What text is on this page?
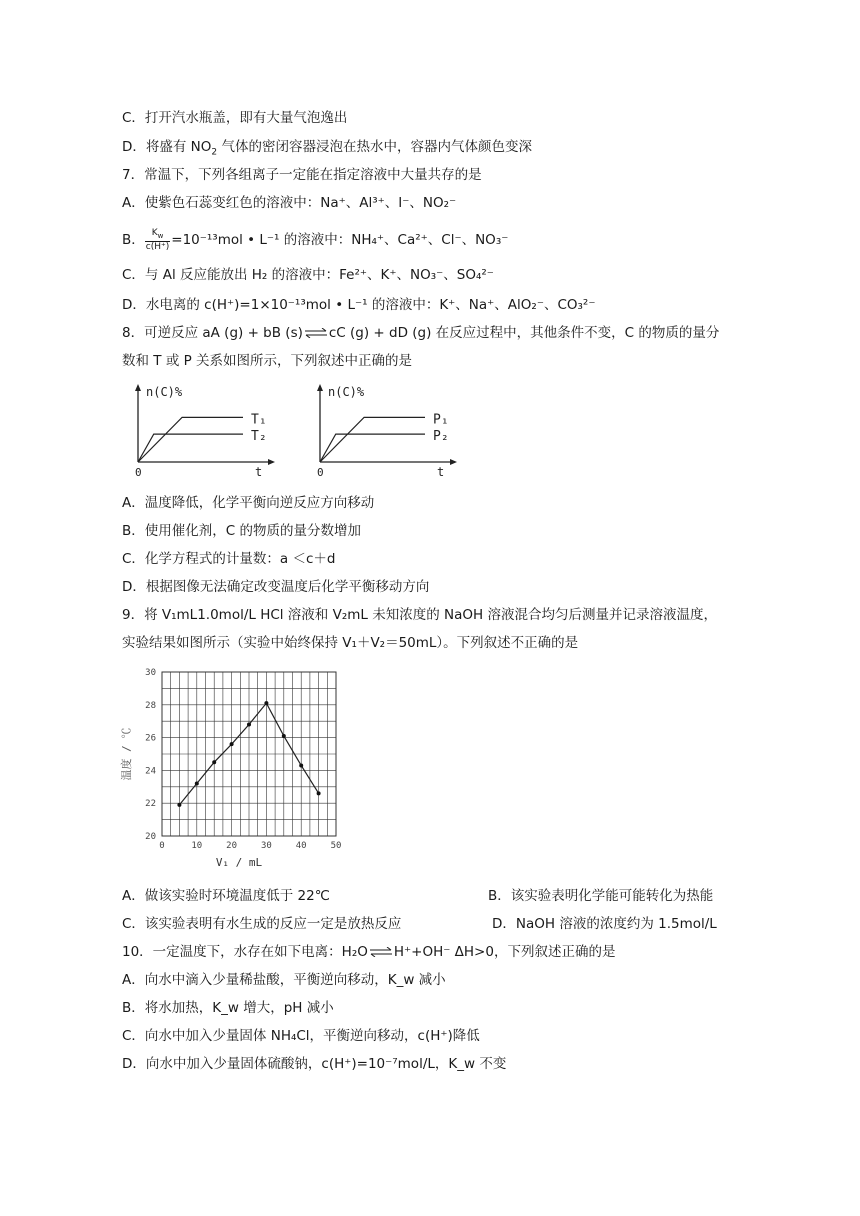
C．打开汽水瓶盖，即有大量气泡逸出
D．将盛有 $NO_2$ 气体的密闭容器浸泡在热水中，容器内气体颜色变深
7．常温下，下列各组离子一定能在指定溶液中大量共存的是
A．使紫色石蕊变红色的溶液中：Na⁺、Al³⁺、I⁻、NO₂⁻
B． $\frac{K_w}{c(H^+)} =10^{-13}mol$ • L⁻¹ 的溶液中：NH₄⁺、Ca²⁺、Cl⁻、NO₃⁻
C．与 Al 反应能放出 H₂ 的溶液中：Fe²⁺、K⁺、NO₃⁻、SO₄²⁻
D．水电离的 c(H⁺)=1×10⁻¹³mol • L⁻¹ 的溶液中：K⁺、Na⁺、AlO₂⁻、CO₃²⁻
8．可逆反应 aA (g) + bB (s)⇌cC (g) + dD (g) 在反应过程中，其他条件不变，C 的物质的量分
数和 T 或 P 关系如图所示，下列叙述中正确的是
n(C)%
t
0
T₁
T₂
n(C)%
t
0
P₁
P₂
A．温度降低，化学平衡向逆反应方向移动
B．使用催化剂，C 的物质的量分数增加
C．化学方程式的计量数：a ＜c＋d
D．根据图像无法确定改变温度后化学平衡移动方向
9．将 V₁mL1.0mol/L HCl 溶液和 V₂mL 未知浓度的 NaOH 溶液混合均匀后测量并记录溶液温度，
实验结果如图所示（实验中始终保持 V₁＋V₂＝50mL）。下列叙述不正确的是
0	10	20	30	40	50
20
22
24
26
28
30
V₁ / mL
温度 / ℃
A．做该实验时环境温度低于 22℃	B．该实验表明化学能可能转化为热能
C．该实验表明有水生成的反应一定是放热反应	D．NaOH 溶液的浓度约为 1.5mol/L
10．一定温度下，水存在如下电离：H₂O⇌H⁺+OH⁻ ΔH>0，下列叙述正确的是
A．向水中滴入少量稀盐酸，平衡逆向移动，K_w 减小
B．将水加热，K_w 增大，pH 减小
C．向水中加入少量固体 NH₄Cl，平衡逆向移动，c(H⁺)降低
D．向水中加入少量固体硫酸钠，c(H⁺)=10⁻⁷mol/L，K_w 不变
